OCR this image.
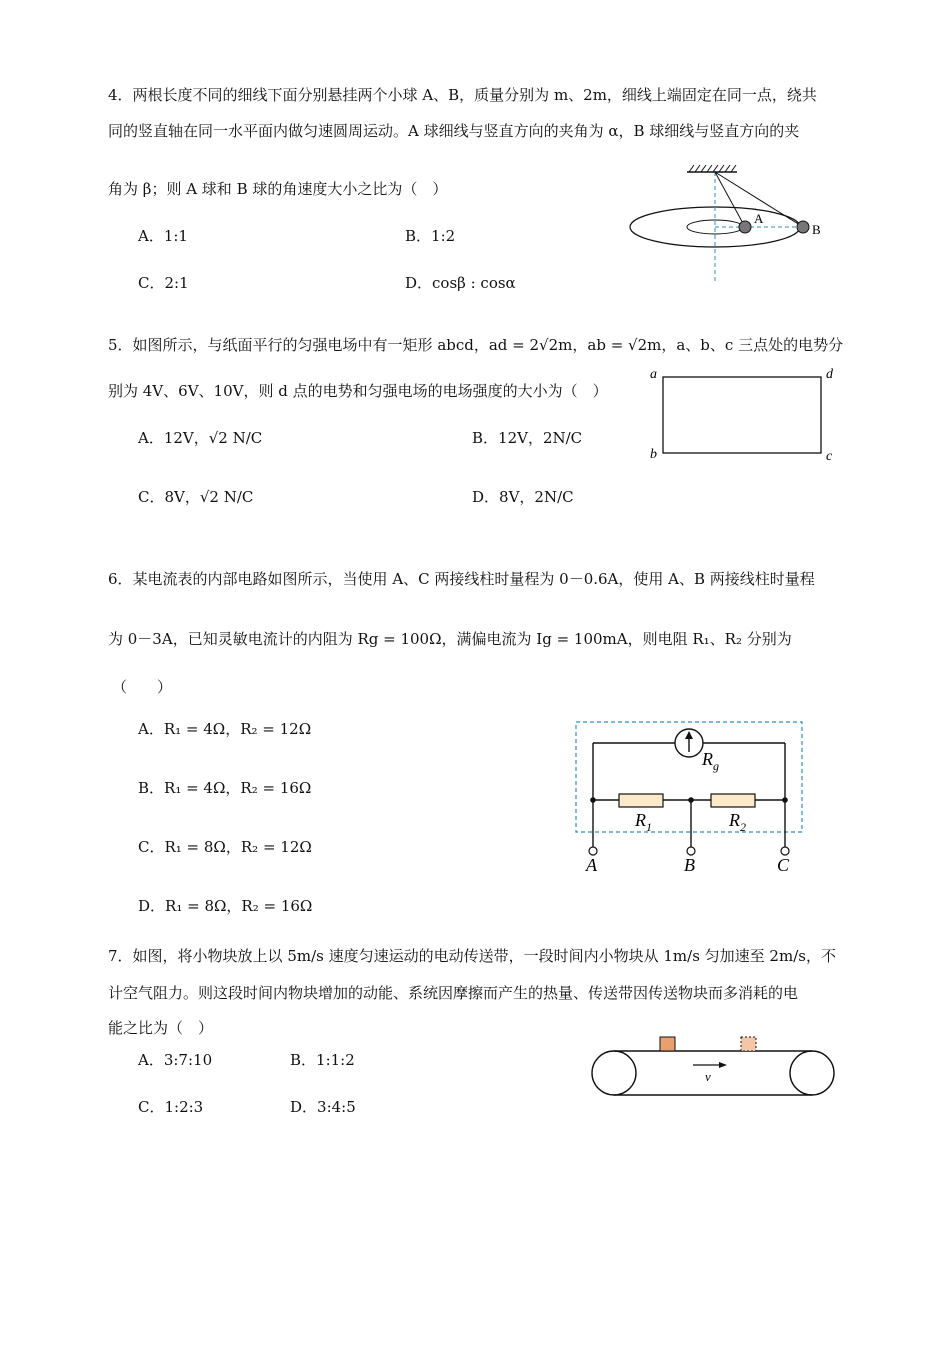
4．两根长度不同的细线下面分别悬挂两个小球 A、B，质量分别为 m、2m，细线上端固定在同一点，绕共
同的竖直轴在同一水平面内做匀速圆周运动。A 球细线与竖直方向的夹角为 α，B 球细线与竖直方向的夹
角为 β；则 A 球和 B 球的角速度大小之比为（　）
A．1:1	B．1:2
C．2:1	D．cosβ : cosα
A
B
5．如图所示，与纸面平行的匀强电场中有一矩形 abcd，ad = 2√2m，ab = √2m，a、b、c 三点处的电势分
别为 4V、6V、10V，则 d 点的电势和匀强电场的电场强度的大小为（　）
A．12V，√2 N/C	B．12V，2N/C
C．8V，√2 N/C	D．8V，2N/C
a	d
b	c
6．某电流表的内部电路如图所示，当使用 A、C 两接线柱时量程为 0－0.6A，使用 A、B 两接线柱时量程
为 0－3A，已知灵敏电流计的内阻为 Rg = 100Ω，满偏电流为 Ig = 100mA，则电阻 R₁、R₂ 分别为
（　　）
A．R₁ = 4Ω，R₂ = 12Ω
B．R₁ = 4Ω，R₂ = 16Ω
C．R₁ = 8Ω，R₂ = 12Ω
D．R₁ = 8Ω，R₂ = 16Ω
$R_g$
$R_1$	$R_2$
A	B	C
7．如图，将小物块放上以 5m/s 速度匀速运动的电动传送带，一段时间内小物块从 1m/s 匀加速至 2m/s，不
计空气阻力。则这段时间内物块增加的动能、系统因摩擦而产生的热量、传送带因传送物块而多消耗的电
能之比为（　）
A．3:7:10	B．1:1:2
C．1:2:3	D．3:4:5
v
